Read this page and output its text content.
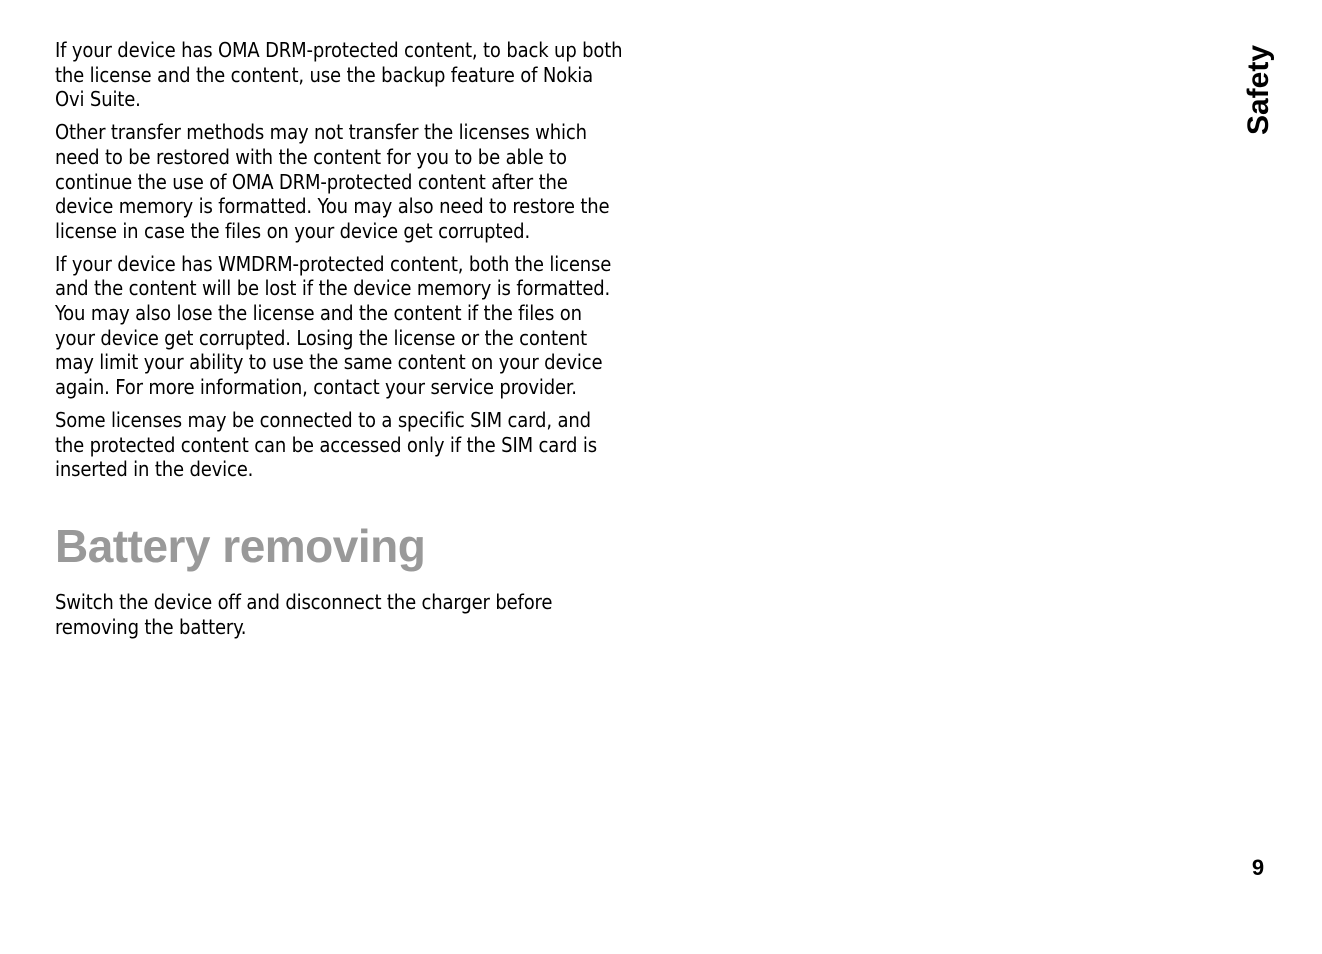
If your device has OMA DRM-protected content, to back up both the license and the content, use the backup feature of Nokia Ovi Suite.

Other transfer methods may not transfer the licenses which need to be restored with the content for you to be able to continue the use of OMA DRM-protected content after the device memory is formatted. You may also need to restore the license in case the files on your device get corrupted.

If your device has WMDRM-protected content, both the license and the content will be lost if the device memory is formatted. You may also lose the license and the content if the files on your device get corrupted. Losing the license or the content may limit your ability to use the same content on your device again. For more information, contact your service provider.

Some licenses may be connected to a specific SIM card, and the protected content can be accessed only if the SIM card is inserted in the device.

Battery removing

Switch the device off and disconnect the charger before removing the battery.

Safety
9
